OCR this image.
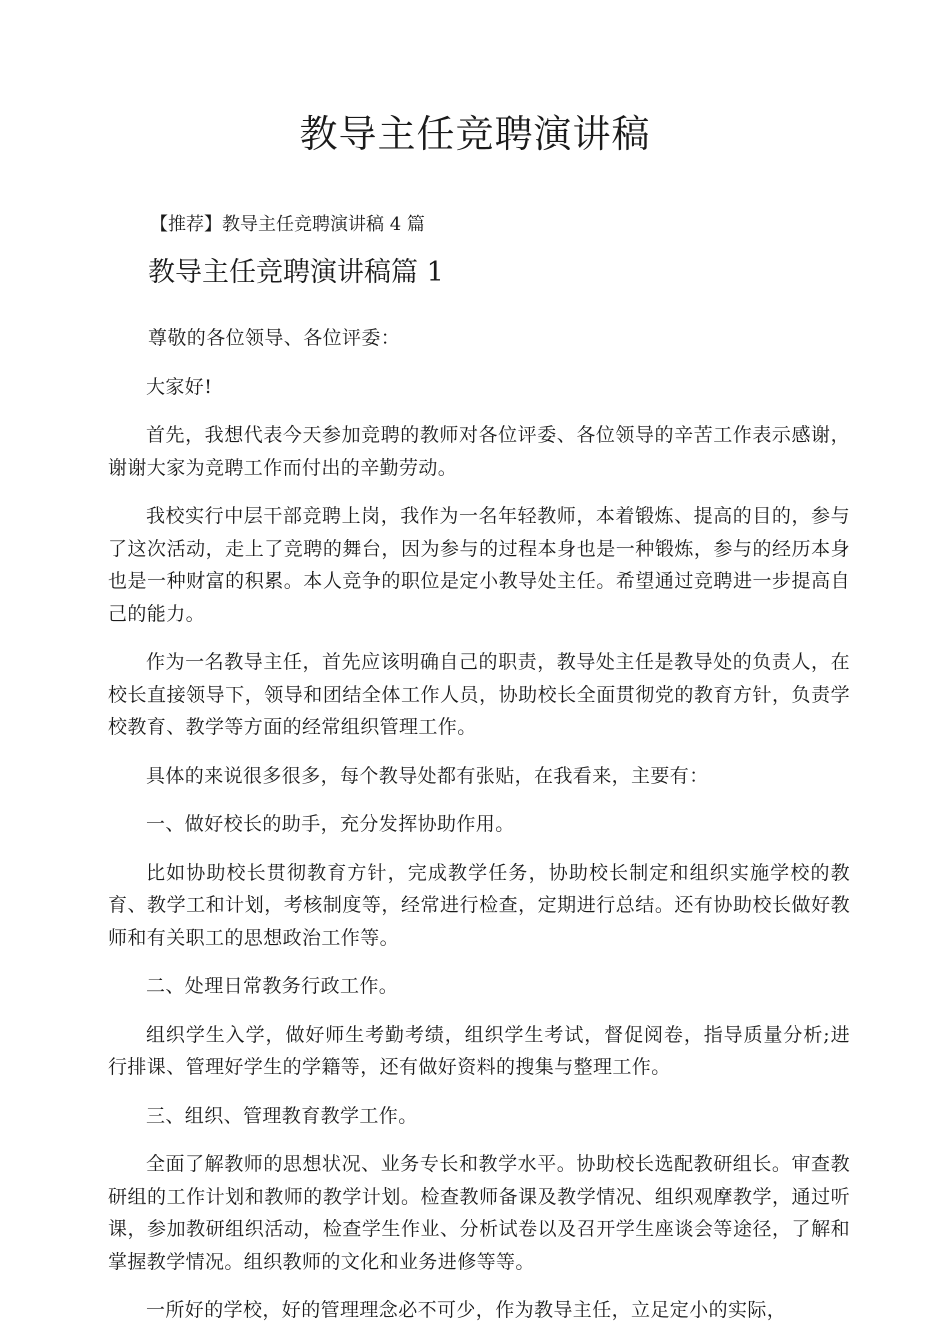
教导主任竞聘演讲稿

【推荐】教导主任竞聘演讲稿 4 篇

教导主任竞聘演讲稿篇 1

尊敬的各位领导、各位评委：

大家好!

首先，我想代表今天参加竞聘的教师对各位评委、各位领导的辛苦工作表示感谢，谢谢大家为竞聘工作而付出的辛勤劳动。

我校实行中层干部竞聘上岗，我作为一名年轻教师，本着锻炼、提高的目的，参与了这次活动，走上了竞聘的舞台，因为参与的过程本身也是一种锻炼，参与的经历本身也是一种财富的积累。本人竞争的职位是定小教导处主任。希望通过竞聘进一步提高自己的能力。

作为一名教导主任，首先应该明确自己的职责，教导处主任是教导处的负责人，在校长直接领导下，领导和团结全体工作人员，协助校长全面贯彻党的教育方针，负责学校教育、教学等方面的经常组织管理工作。

具体的来说很多很多，每个教导处都有张贴，在我看来，主要有：

一、做好校长的助手，充分发挥协助作用。

比如协助校长贯彻教育方针，完成教学任务，协助校长制定和组织实施学校的教育、教学工和计划，考核制度等，经常进行检查，定期进行总结。还有协助校长做好教师和有关职工的思想政治工作等。

二、处理日常教务行政工作。

组织学生入学，做好师生考勤考绩，组织学生考试，督促阅卷，指导质量分析;进行排课、管理好学生的学籍等，还有做好资料的搜集与整理工作。

三、组织、管理教育教学工作。

全面了解教师的思想状况、业务专长和教学水平。协助校长选配教研组长。审查教研组的工作计划和教师的教学计划。检查教师备课及教学情况、组织观摩教学，通过听课，参加教研组织活动，检查学生作业、分析试卷以及召开学生座谈会等途径，了解和掌握教学情况。组织教师的文化和业务进修等等。

一所好的学校，好的管理理念必不可少，作为教导主任，立足定小的实际，
